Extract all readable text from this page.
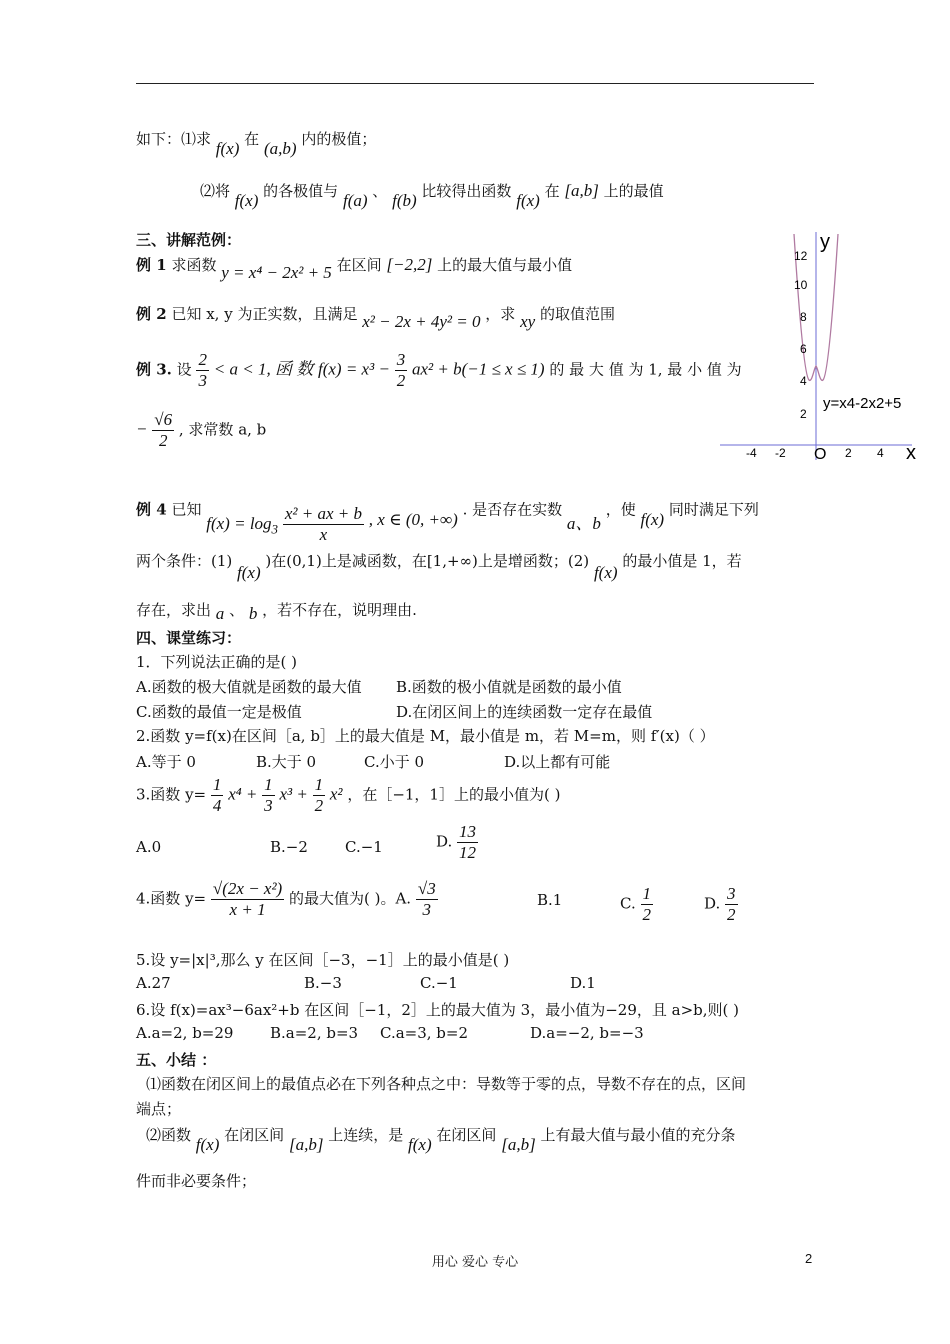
如下：⑴求 f(x) 在 (a,b) 内的极值；
⑵将 f(x) 的各极值与 f(a) 、 f(b) 比较得出函数 f(x) 在 [a,b] 上的最值
三、讲解范例：
例 1 求函数 y = x⁴ − 2x² + 5 在区间 [−2,2] 上的最大值与最小值
例 2 已知 x, y 为正实数，且满足 x² − 2x + 4y² = 0 ，求 xy 的取值范围
例 3. 设 $\frac{2}{3} < a < 1$, 函 数 $f(x) = x^3 - \frac{3}{2} ax^2 + b(-1 \le x \le 1)$ 的 最 大 值 为 1, 最 小 值 为
− $\frac{√6}{2}$ , 求常数 a, b
y
x
O
12
10
8
6
4
2
-4 -2	2 4
y=x4-2x2+5
例 4 已知 $f(x) = \log_3 \frac{\text{x² + ax + b}}{x}$ , x ∈ (0, +∞) . 是否存在实数 a、b ，使 f(x) 同时满足下列
两个条件：(1) f(x) )在(0,1)上是减函数，在[1,+∞)上是增函数；(2) f(x) 的最小值是 1，若
存在，求出 a 、 b ，若不存在，说明理由.
四、课堂练习：
1．下列说法正确的是( )
A.函数的极大值就是函数的最大值 B.函数的极小值就是函数的最小值
C.函数的最值一定是极值	D.在闭区间上的连续函数一定存在最值
2.函数 y=f(x)在区间［a, b］上的最大值是 M，最小值是 m，若 M=m，则 f′(x)（ ）
A.等于 0	B.大于 0	C.小于 0	D.以上都有可能
3.函数 $y= \frac{1}{4} x^4 + \frac{1}{3} x^3 + \frac{1}{2} x^2$ ，在［−1，1］上的最小值为( )
A.0	B.−2 C.−1	D. $\frac{13}{12}$
4.函数 $y= \frac{\text{√(2x − x²)}}{x + 1}$ 的最大值为( )。A. $\frac{√3}{3}$	B.1	C. $\frac{1}{2}$	D. $\frac{3}{2}$
5.设 y=|x|³,那么 y 在区间［−3，−1］上的最小值是( )
A.27	B.−3	C.−1	D.1
6.设 f(x)=ax³−6ax²+b 在区间［−1，2］上的最大值为 3，最小值为−29，且 a>b,则( )
A.a=2, b=29 B.a=2, b=3 C.a=3, b=2	D.a=−2, b=−3
五、小结 ：
⑴函数在闭区间上的最值点必在下列各种点之中：导数等于零的点，导数不存在的点，区间
端点；
⑵函数 f(x) 在闭区间 [a,b] 上连续，是 f(x) 在闭区间 [a,b] 上有最大值与最小值的充分条
件而非必要条件；
用心 爱心 专心	2
